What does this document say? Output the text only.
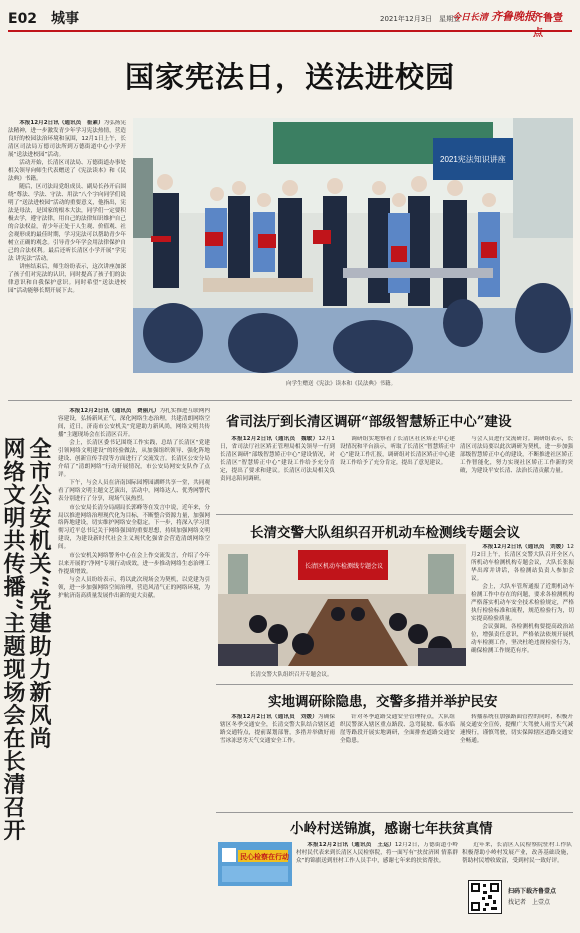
E02　 城事	2021年12月3日　星期五
今日长清 齐鲁晚报
齐鲁壹点
国家宪法日，送法进校园

本报12月2日讯（通讯员　崔素）为弘扬宪法精神，进一步激发青少年学习宪法热情，营造良好的校园法治环境和氛围，12月1日上午，长清区司法局万德司法所到万德街道中心小学开展“送法进校园”活动。

活动开始，长清区司法局、万德街道办事处相关领导向师生代表赠送了《宪法读本》和《民法典》书籍。

随后，区司法局党组成员、副局长孙开启围绕“尊法、学法、守法、用法”八个字向同学们说明了“送法进校园”活动的重要意义，他指出，宪法是母法，是国家的根本大法，同学们一定要积极去学，遵守法律，用自己的法律知识维护自己的合法权益，青少年正处于人生观、价值观、社会观形成的最佳时期，学习宪法可以帮助青少年树立正确的观念。引导青少年学会用法律保护自己的合法权利。最后还听长清区小学开展“学宪法 讲宪法”活动。

讲座结束后，师生纷纷表示，这次讲座加深了孩子们对宪法的认识，同时提高了孩子们的法律意识和自我保护意识。同时希望“送法进校园”活动能够长期开展下去。

2021宪法知识讲座
向学生赠送《宪法》读本和《民法典》书籍。
全市公安机关“党建助力新风尚
网络文明共传播”主题现场会在长清召开

本报12月2日讯（通讯员　费丽凡）为扎实推进互联网内容建设，弘扬新风正气，深化网络生态治理，共建清朗网络空间，近日，济南市公安机关“党建助力新风尚，网络文明共传播”主题现场会在长清区召开。

会上，长清区委书记围绕工作实践，总结了长清区“党建引领网络文明建设”的经验做法，从加强组织领导、强化阵地建设、创新宣传手段等方面进行了交流发言。长清区公安分局介绍了“清朗网络”行动开展情况，市公安局网安支队作了点评。

下午，与会人员在济南国际园博园湖畔共享一堂，共同观看了网络文明主题文艺演出，活动中，网络达人、优秀网警代表分别进行了分享，现场气氛热烈。

市公安局长清分局副局长郭峰等在发言中说，近年来，分局以推进网络治理现代化为目标，不断整合资源力量，加强网络阵地建设，切实维护网络安全稳定。下一步，将深入学习贯彻习近平总书记关于网络强国的重要思想，持续加强网络文明建设，为建设新时代社会主义现代化强省会营造清朗网络空间。

市公安机关网络警务中心在会上作交流发言，介绍了今年以来开展的“净网”专项行动成效，进一步推动网络生态治理工作提质增效。

与会人员纷纷表示，将以此次现场会为契机，以党建为引领，进一步加强网络空间治理，营造风清气正的网络环境，为护航济南高质量发展作出新的更大贡献。

省司法厅到长清区调研“部级智慧矫正中心”建设

本报12月2日讯（通讯员　魏敏）12月1日，省司法厅社区矫正管理局相关领导一行到长清区调研“部级智慧矫正中心”建设情况，对长清区“智慧矫正中心”建设工作给予充分肯定，提出了要求和建议。长清区司法局相关负责同志陪同调研。

调研组实地察看了长清区社区矫正中心建设情况和平台演示，听取了长清区“智慧矫正中心”建设工作汇报，调研组对长清区矫正中心建设工作给予了充分肯定，提出了意见建议。

与会人员进行交流研讨。调研组表示，长清区司法局要以此次调研为契机，进一步加强部级智慧矫正中心的建设，不断推进社区矫正工作智能化，努力实现社区矫正工作新的突破，为建设平安长清、法治长清贡献力量。

长清交警大队组织召开机动车检测线专题会议
长清区机动车检测线专题会议
长清交警大队组织召开专题会议。

本报12月2日讯（通讯员　刘媛）12月2日上午，长清区交警大队召开全区八所机动车检测机构专题会议，大队长张振华出席并讲话，各检测站负责人参加会议。

会上，大队车管所通报了近期机动车检测工作中存在的问题，要求各检测机构严格落实机动车安全技术检验规定，严格执行检验标准和流程，规范检验行为，切实提高检验质量。

会议强调，各检测机构要提高政治站位，增强责任意识，严格依法依规开展机动车检测工作，坚决杜绝违规检验行为，确保检测工作规范有序。

实地调研除隐患，交警多措并举护民安

本报12月2日讯（通讯员　刘媛）为确保辖区冬季交通安全，长清交警大队结合辖区道路交通特点，提前谋划部署，多措并举做好雨雪冰冻恶劣天气交通安全工作。

针对冬季道路交通安全管理特点，大队组织民警深入辖区重点路段、急弯陡坡、临水临崖等路段开展实地调研，全面排查道路交通安全隐患。

转播系统在加强路面管控的同时，积极开展交通安全宣传，提醒广大驾驶人雨雪天气减速慢行，谨慎驾驶，切实保障辖区道路交通安全畅通。

小岭村送锦旗，感谢七年扶贫真情
民心检察在行动

本报12月2日讯（通讯员　王运）12月2日，万德街道小岭村村民代表来到长清区人民检察院，将一面写有“扶贫济困 情系群众”的锦旗送到驻村工作人员手中，感谢七年来的扶贫帮扶。

近年来，长清区人民检察院驻村工作队积极帮助小岭村发展产业，改善基础设施，帮助村民增收致富，受到村民一致好评。

扫码下载齐鲁壹点
找记者　上壹点
